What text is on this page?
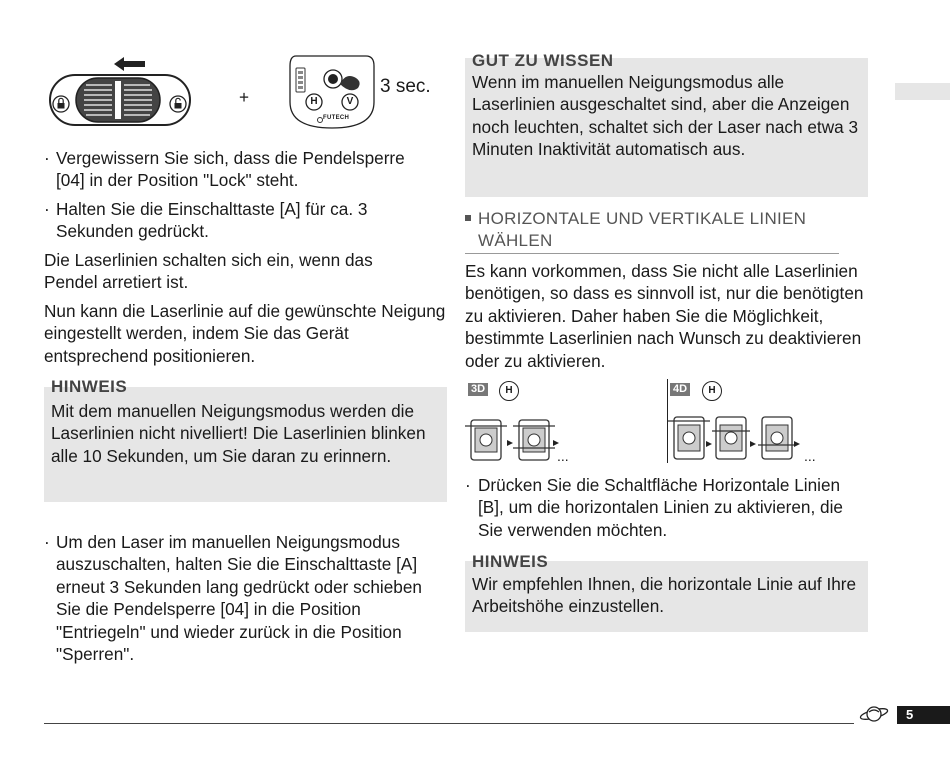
+	H	V
FUTECH
3 sec.
· Vergewissern Sie sich, dass die Pendelsperre [04] in der Position "Lock" steht.
· Halten Sie die Einschalttaste [A] für ca. 3 Sekunden gedrückt.
Die Laserlinien schalten sich ein, wenn das Pendel arretiert ist.
Nun kann die Laserlinie auf die gewünschte Neigung eingestellt werden, indem Sie das Gerät entsprechend positionieren.
HINWEIS
Mit dem manuellen Neigungsmodus werden die Laserlinien nicht nivelliert! Die Laserlinien blinken alle 10 Sekunden, um Sie daran zu erinnern.
· Um den Laser im manuellen Neigungsmodus auszuschalten, halten Sie die Einschalttaste [A] erneut 3 Sekunden lang gedrückt oder schieben Sie die Pendelsperre [04] in die Position "Entriegeln" und wieder zurück in die Position "Sperren".
GUT ZU WISSEN
Wenn im manuellen Neigungsmodus alle Laserlinien ausgeschaltet sind, aber die Anzeigen noch leuchten, schaltet sich der Laser nach etwa 3 Minuten Inaktivität automatisch aus.
HORIZONTALE UND VERTIKALE LINIEN
WÄHLEN
Es kann vorkommen, dass Sie nicht alle Laserlinien benötigen, so dass es sinnvoll ist, nur die benötigten zu aktivieren. Daher haben Sie die Möglichkeit, bestimmte Laserlinien nach Wunsch zu deaktivieren oder zu aktivieren.
3D	H	4D	H
...	...
· Drücken Sie die Schaltfläche Horizontale Linien [B], um die horizontalen Linien zu aktivieren, die Sie verwenden möchten.
HINWEIS
Wir empfehlen Ihnen, die horizontale Linie auf Ihre Arbeitshöhe einzustellen.
5
